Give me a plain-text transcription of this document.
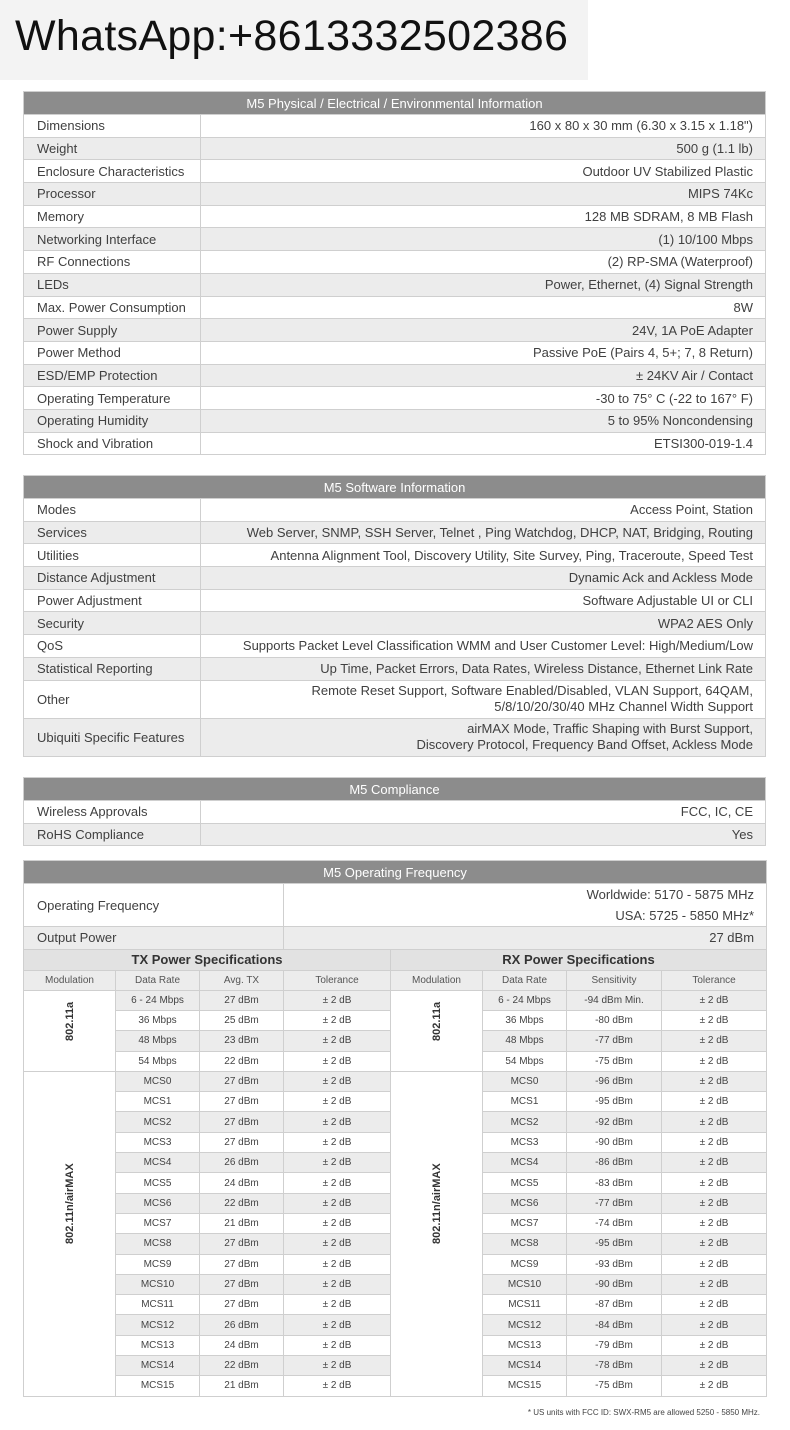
WhatsApp:+8613332502386
M5 Physical / Electrical / Environmental Information	
Dimensions	160 x 80 x 30 mm (6.30 x 3.15 x 1.18")
Weight	500 g (1.1 lb)
Enclosure Characteristics	Outdoor UV Stabilized Plastic
Processor	MIPS 74Kc
Memory	128 MB SDRAM, 8 MB Flash
Networking Interface	(1) 10/100 Mbps
RF Connections	(2) RP-SMA (Waterproof)
LEDs	Power, Ethernet, (4) Signal Strength
Max. Power Consumption	8W
Power Supply	24V, 1A PoE Adapter
Power Method	Passive PoE (Pairs 4, 5+; 7, 8 Return)
ESD/EMP Protection	± 24KV Air / Contact
Operating Temperature	-30 to 75° C (-22 to 167° F)
Operating Humidity	5 to 95% Noncondensing
Shock and Vibration	ETSI300-019-1.4
M5 Software Information	
Modes	Access Point, Station
Services	Web Server, SNMP, SSH Server, Telnet , Ping Watchdog, DHCP, NAT, Bridging, Routing
Utilities	Antenna Alignment Tool, Discovery Utility, Site Survey, Ping, Traceroute, Speed Test
Distance Adjustment	Dynamic Ack and Ackless Mode
Power Adjustment	Software Adjustable UI or CLI
Security	WPA2 AES Only
QoS	Supports Packet Level Classification WMM and User Customer Level: High/Medium/Low
Statistical Reporting	Up Time, Packet Errors, Data Rates, Wireless Distance, Ethernet Link Rate
Other	Remote Reset Support, Software Enabled/Disabled, VLAN Support, 64QAM,
5/8/10/20/30/40 MHz Channel Width Support

Ubiquiti Specific Features	airMAX Mode, Traffic Shaping with Burst Support,
Discovery Protocol, Frequency Band Offset, Ackless Mode
M5 Compliance	
Wireless Approvals	FCC, IC, CE
RoHS Compliance	Yes
M5 Operating Frequency							
Operating Frequency			Worldwide: 5170 - 5875 MHz
USA: 5725 - 5850 MHz*				

Output Power			27 dBm				
TX Power Specifications				RX Power Specifications			
Modulation	Data Rate	Avg. TX	Tolerance	Modulation	Data Rate	Sensitivity	Tolerance

802.11a	6 - 24 Mbps	27 dBm	± 2 dB	802.11a	6 - 24 Mbps	-94 dBm Min.	± 2 dB
	36 Mbps	25 dBm	± 2 dB		36 Mbps	-80 dBm	± 2 dB
	48 Mbps	23 dBm	± 2 dB		48 Mbps	-77 dBm	± 2 dB
	54 Mbps	22 dBm	± 2 dB		54 Mbps	-75 dBm	± 2 dB

802.11n/airMAX	MCS0	27 dBm	± 2 dB	802.11n/airMAX	MCS0	-96 dBm	± 2 dB
	MCS1	27 dBm	± 2 dB		MCS1	-95 dBm	± 2 dB
	MCS2	27 dBm	± 2 dB		MCS2	-92 dBm	± 2 dB
	MCS3	27 dBm	± 2 dB		MCS3	-90 dBm	± 2 dB
	MCS4	26 dBm	± 2 dB		MCS4	-86 dBm	± 2 dB
	MCS5	24 dBm	± 2 dB		MCS5	-83 dBm	± 2 dB
	MCS6	22 dBm	± 2 dB		MCS6	-77 dBm	± 2 dB
	MCS7	21 dBm	± 2 dB		MCS7	-74 dBm	± 2 dB
	MCS8	27 dBm	± 2 dB		MCS8	-95 dBm	± 2 dB
	MCS9	27 dBm	± 2 dB		MCS9	-93 dBm	± 2 dB
	MCS10	27 dBm	± 2 dB		MCS10	-90 dBm	± 2 dB
	MCS11	27 dBm	± 2 dB		MCS11	-87 dBm	± 2 dB
	MCS12	26 dBm	± 2 dB		MCS12	-84 dBm	± 2 dB
	MCS13	24 dBm	± 2 dB		MCS13	-79 dBm	± 2 dB
	MCS14	22 dBm	± 2 dB		MCS14	-78 dBm	± 2 dB
	MCS15	21 dBm	± 2 dB		MCS15	-75 dBm	± 2 dB
* US units with FCC ID: SWX-RM5 are allowed 5250 - 5850 MHz.
